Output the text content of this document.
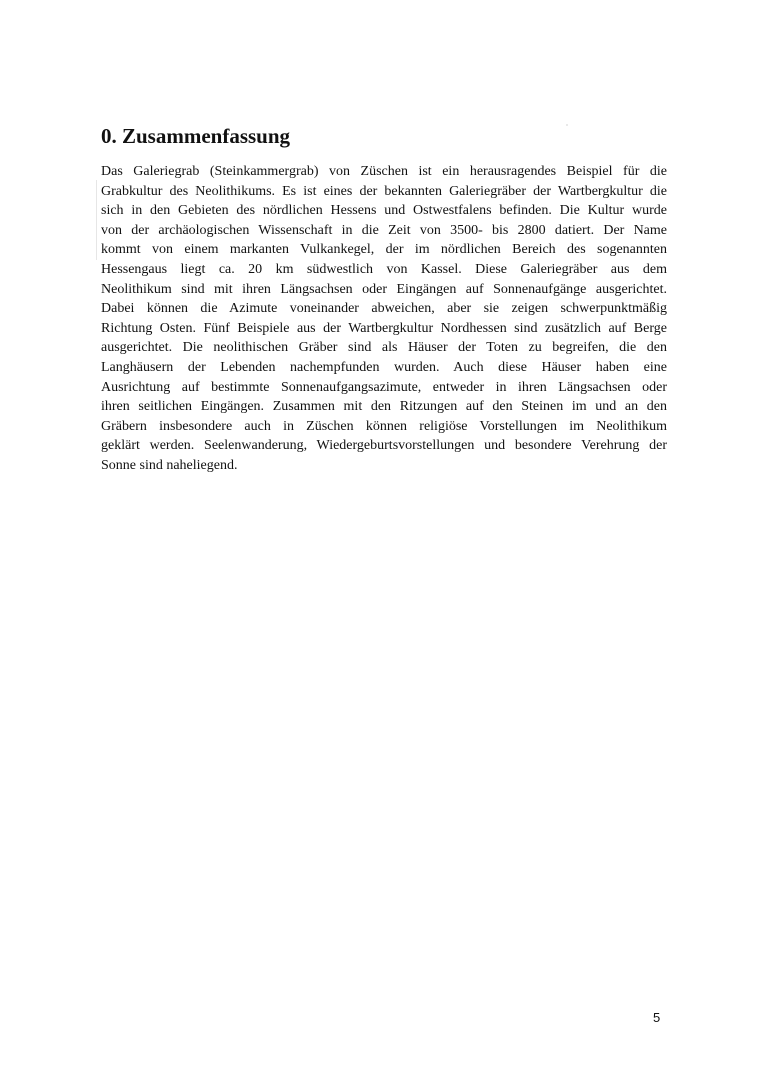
0. Zusammenfassung

Das Galeriegrab (Steinkammergrab) von Züschen ist ein herausragendes Beispiel für die
Grabkultur des Neolithikums. Es ist eines der bekannten Galeriegräber der Wartbergkultur die
sich in den Gebieten des nördlichen Hessens und Ostwestfalens befinden. Die Kultur wurde
von der archäologischen Wissenschaft in die Zeit von 3500- bis 2800 datiert. Der Name
kommt von einem markanten Vulkankegel, der im nördlichen Bereich des sogenannten
Hessengaus liegt ca. 20 km südwestlich von Kassel. Diese Galeriegräber aus dem
Neolithikum sind mit ihren Längsachsen oder Eingängen auf Sonnenaufgänge ausgerichtet.
Dabei können die Azimute voneinander abweichen, aber sie zeigen schwerpunktmäßig
Richtung Osten. Fünf Beispiele aus der Wartbergkultur Nordhessen sind zusätzlich auf Berge
ausgerichtet. Die neolithischen Gräber sind als Häuser der Toten zu begreifen, die den
Langhäusern der Lebenden nachempfunden wurden. Auch diese Häuser haben eine
Ausrichtung auf bestimmte Sonnenaufgangsazimute, entweder in ihren Längsachsen oder
ihren seitlichen Eingängen. Zusammen mit den Ritzungen auf den Steinen im und an den
Gräbern insbesondere auch in Züschen können religiöse Vorstellungen im Neolithikum
geklärt werden. Seelenwanderung, Wiedergeburtsvorstellungen und besondere Verehrung der
Sonne sind naheliegend.

5
